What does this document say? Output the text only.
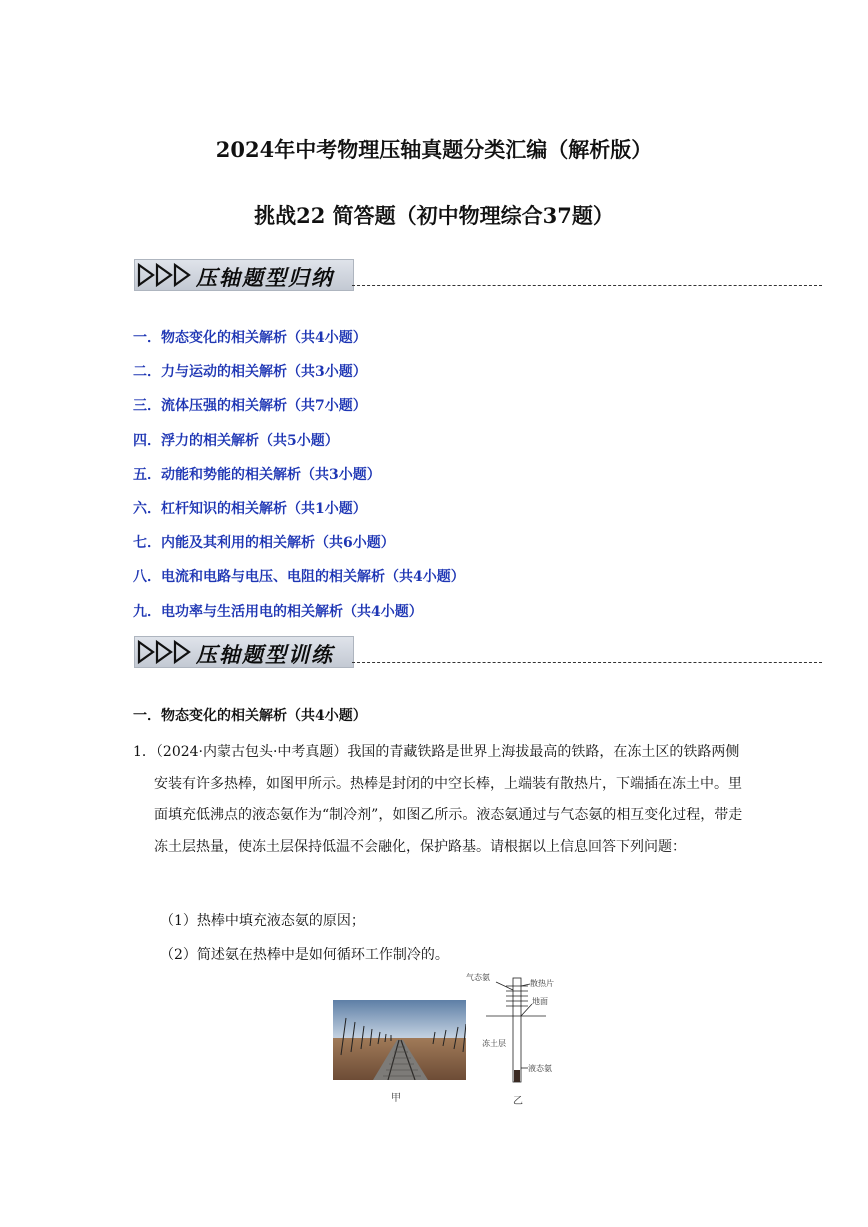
2024年中考物理压轴真题分类汇编（解析版）
挑战22 简答题（初中物理综合37题）
压轴题型归纳
一．物态变化的相关解析（共4小题）
二．力与运动的相关解析（共3小题）
三．流体压强的相关解析（共7小题）
四．浮力的相关解析（共5小题）
五．动能和势能的相关解析（共3小题）
六．杠杆知识的相关解析（共1小题）
七．内能及其利用的相关解析（共6小题）
八．电流和电路与电压、电阻的相关解析（共4小题）
九．电功率与生活用电的相关解析（共4小题）
压轴题型训练
一．物态变化的相关解析（共4小题）

1．（2024·内蒙古包头·中考真题）我国的青藏铁路是世界上海拔最高的铁路，在冻土区的铁路两侧安装有许多热棒，如图甲所示。热棒是封闭的中空长棒，上端装有散热片，下端插在冻土中。里面填充低沸点的液态氨作为“制冷剂”，如图乙所示。液态氨通过与气态氨的相互变化过程，带走冻土层热量，使冻土层保持低温不会融化，保护路基。请根据以上信息回答下列问题：

（1）热棒中填充液态氨的原因；
（2）简述氨在热棒中是如何循环工作制冷的。
甲
气态氨
散热片
地面
冻土层
液态氨
乙
